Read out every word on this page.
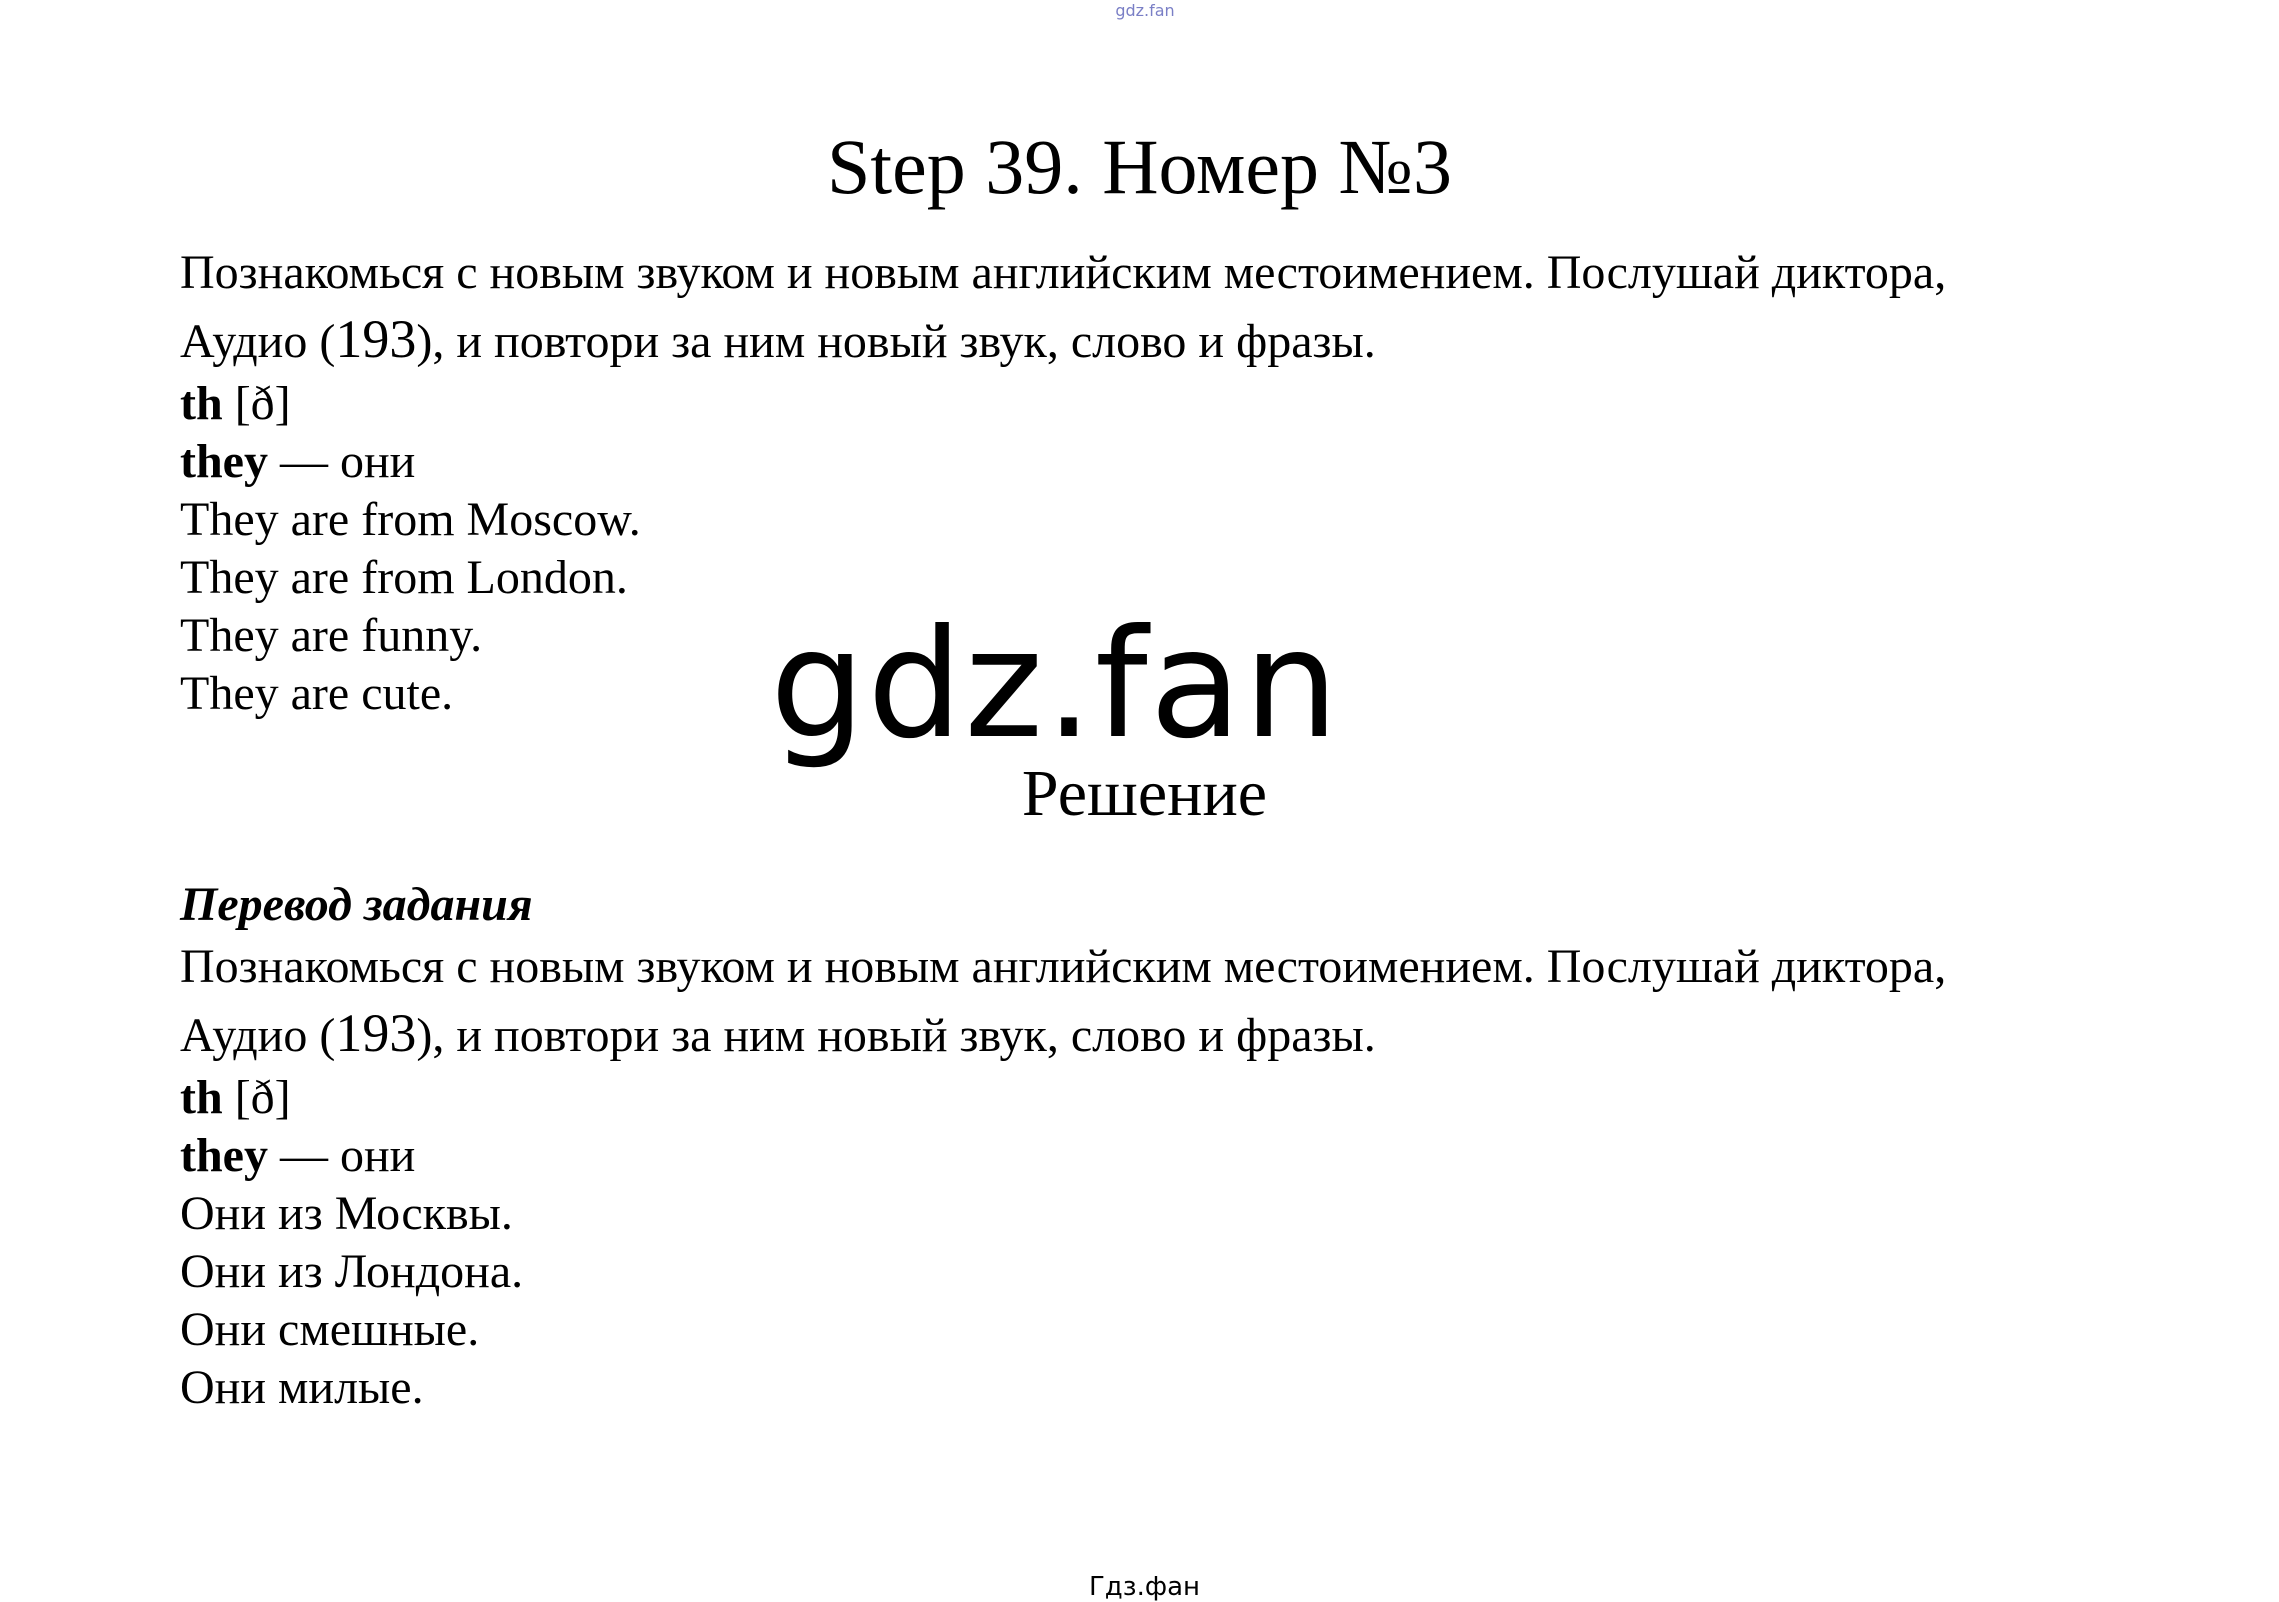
gdz.fan
Step 39. Номер №3
Познакомься с новым звуком и новым английским местоимением. Послушай диктора,
Аудио (193), и повтори за ним новый звук, слово и фразы.
th [ð]
they — они
They are from Moscow.
They are from London.
They are funny.
They are cute.	gdz.fan
Решение
Перевод задания
Познакомься с новым звуком и новым английским местоимением. Послушай диктора,
Аудио (193), и повтори за ним новый звук, слово и фразы.
th [ð]
they — они
Они из Москвы.
Они из Лондона.
Они смешные.
Они милые.
Гдз.фан
